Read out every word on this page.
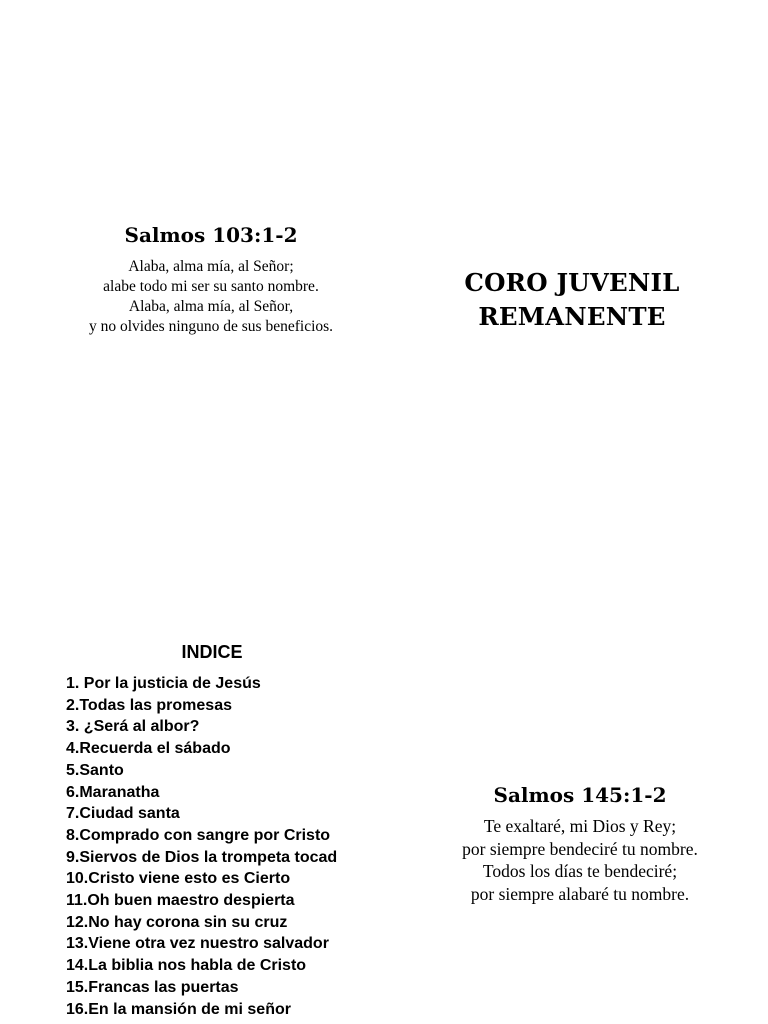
Salmos 103:1-2
Alaba, alma mía, al Señor;
alabe todo mi ser su santo nombre.
Alaba, alma mía, al Señor,
y no olvides ninguno de sus beneficios.
CORO JUVENIL
REMANENTE
INDICE
1. Por la justicia de Jesús
2.Todas las promesas
3. ¿Será al albor?
4.Recuerda el sábado
5.Santo
6.Maranatha
7.Ciudad santa
8.Comprado con sangre por Cristo
9.Siervos de Dios la trompeta tocad
10.Cristo viene esto es Cierto
11.Oh buen maestro despierta
12.No hay corona sin su cruz
13.Viene otra vez nuestro salvador
14.La biblia nos habla de Cristo
15.Francas las puertas
16.En la mansión de mi señor
Salmos 145:1-2
Te exaltaré, mi Dios y Rey;
por siempre bendeciré tu nombre.
Todos los días te bendeciré;
por siempre alabaré tu nombre.
